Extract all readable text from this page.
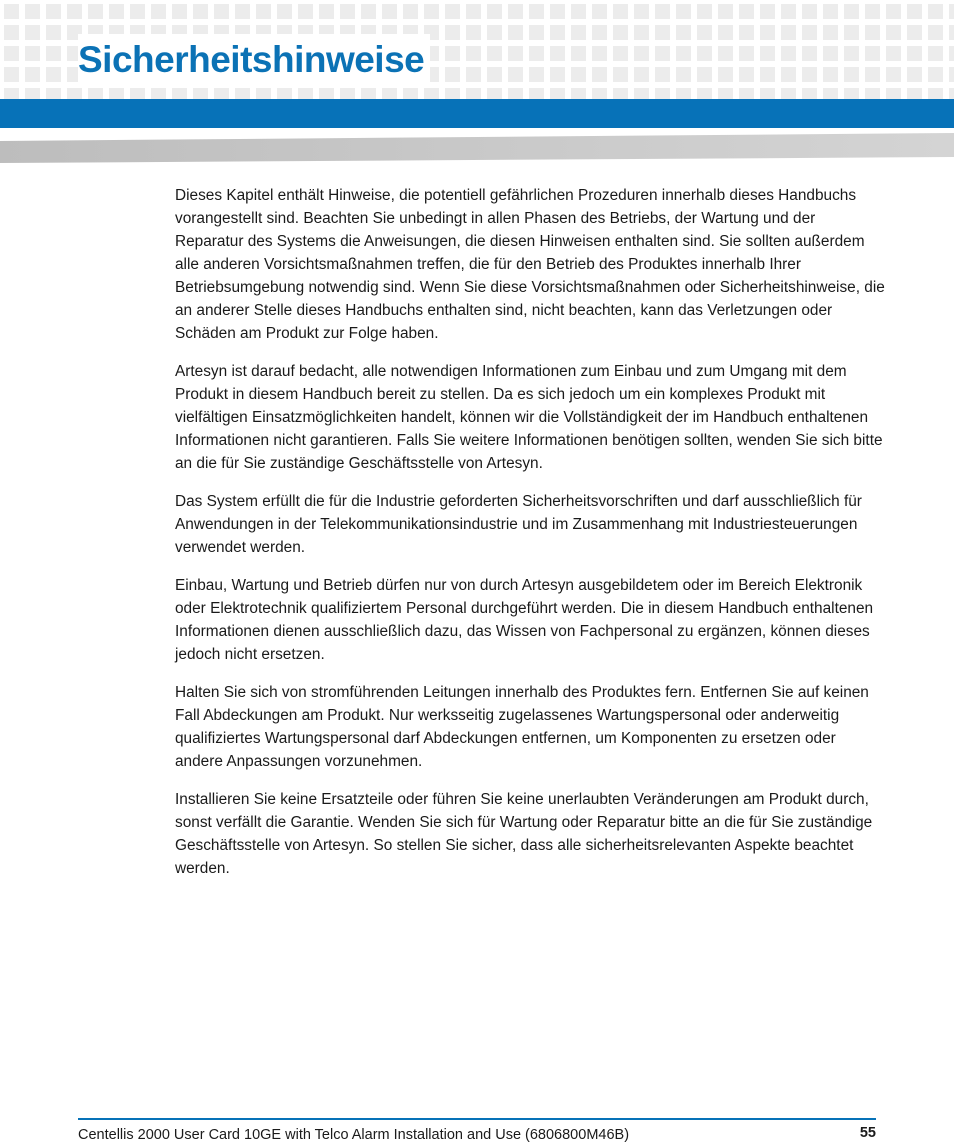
Sicherheitshinweise

Dieses Kapitel enthält Hinweise, die potentiell gefährlichen Prozeduren innerhalb dieses Handbuchs vorangestellt sind. Beachten Sie unbedingt in allen Phasen des Betriebs, der Wartung und der Reparatur des Systems die Anweisungen, die diesen Hinweisen enthalten sind. Sie sollten außerdem alle anderen Vorsichtsmaßnahmen treffen, die für den Betrieb des Produktes innerhalb Ihrer Betriebsumgebung notwendig sind. Wenn Sie diese Vorsichtsmaßnahmen oder Sicherheitshinweise, die an anderer Stelle dieses Handbuchs enthalten sind, nicht beachten, kann das Verletzungen oder Schäden am Produkt zur Folge haben.

Artesyn ist darauf bedacht, alle notwendigen Informationen zum Einbau und zum Umgang mit dem Produkt in diesem Handbuch bereit zu stellen. Da es sich jedoch um ein komplexes Produkt mit vielfältigen Einsatzmöglichkeiten handelt, können wir die Vollständigkeit der im Handbuch enthaltenen Informationen nicht garantieren. Falls Sie weitere Informationen benötigen sollten, wenden Sie sich bitte an die für Sie zuständige Geschäftsstelle von Artesyn.

Das System erfüllt die für die Industrie geforderten Sicherheitsvorschriften und darf ausschließlich für Anwendungen in der Telekommunikationsindustrie und im Zusammenhang mit Industriesteuerungen verwendet werden.

Einbau, Wartung und Betrieb dürfen nur von durch Artesyn ausgebildetem oder im Bereich Elektronik oder Elektrotechnik qualifiziertem Personal durchgeführt werden. Die in diesem Handbuch enthaltenen Informationen dienen ausschließlich dazu, das Wissen von Fachpersonal zu ergänzen, können dieses jedoch nicht ersetzen.

Halten Sie sich von stromführenden Leitungen innerhalb des Produktes fern. Entfernen Sie auf keinen Fall Abdeckungen am Produkt. Nur werksseitig zugelassenes Wartungspersonal oder anderweitig qualifiziertes Wartungspersonal darf Abdeckungen entfernen, um Komponenten zu ersetzen oder andere Anpassungen vorzunehmen.

Installieren Sie keine Ersatzteile oder führen Sie keine unerlaubten Veränderungen am Produkt durch, sonst verfällt die Garantie. Wenden Sie sich für Wartung oder Reparatur bitte an die für Sie zuständige Geschäftsstelle von Artesyn. So stellen Sie sicher, dass alle sicherheitsrelevanten Aspekte beachtet werden.

Centellis 2000 User Card 10GE with Telco Alarm Installation and Use (6806800M46B)	55
